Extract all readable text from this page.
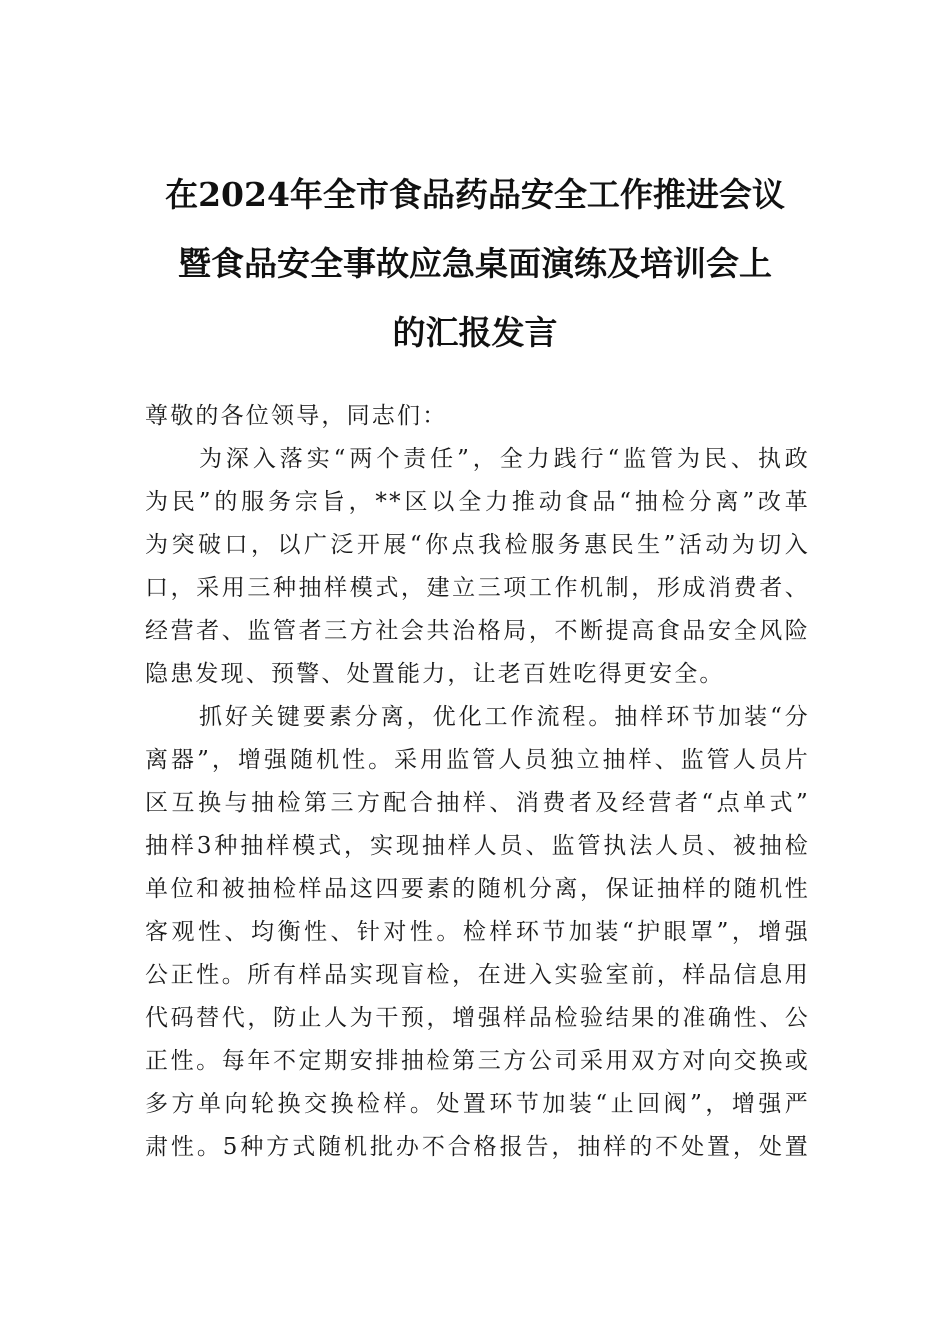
在2024年全市食品药品安全工作推进会议
暨食品安全事故应急桌面演练及培训会上
的汇报发言
尊敬的各位领导，同志们：
为深入落实“两个责任”，全力践行“监管为民、执政
为民”的服务宗旨，**区以全力推动食品“抽检分离”改革
为突破口，以广泛开展“你点我检服务惠民生”活动为切入
口，采用三种抽样模式，建立三项工作机制，形成消费者、
经营者、监管者三方社会共治格局，不断提高食品安全风险
隐患发现、预警、处置能力，让老百姓吃得更安全。
抓好关键要素分离，优化工作流程。抽样环节加装“分
离器”，增强随机性。采用监管人员独立抽样、监管人员片
区互换与抽检第三方配合抽样、消费者及经营者“点单式”
抽样3种抽样模式，实现抽样人员、监管执法人员、被抽检
单位和被抽检样品这四要素的随机分离，保证抽样的随机性
客观性、均衡性、针对性。检样环节加装“护眼罩”，增强
公正性。所有样品实现盲检，在进入实验室前，样品信息用
代码替代，防止人为干预，增强样品检验结果的准确性、公
正性。每年不定期安排抽检第三方公司采用双方对向交换或
多方单向轮换交换检样。处置环节加装“止回阀”，增强严
肃性。5种方式随机批办不合格报告，抽样的不处置，处置
